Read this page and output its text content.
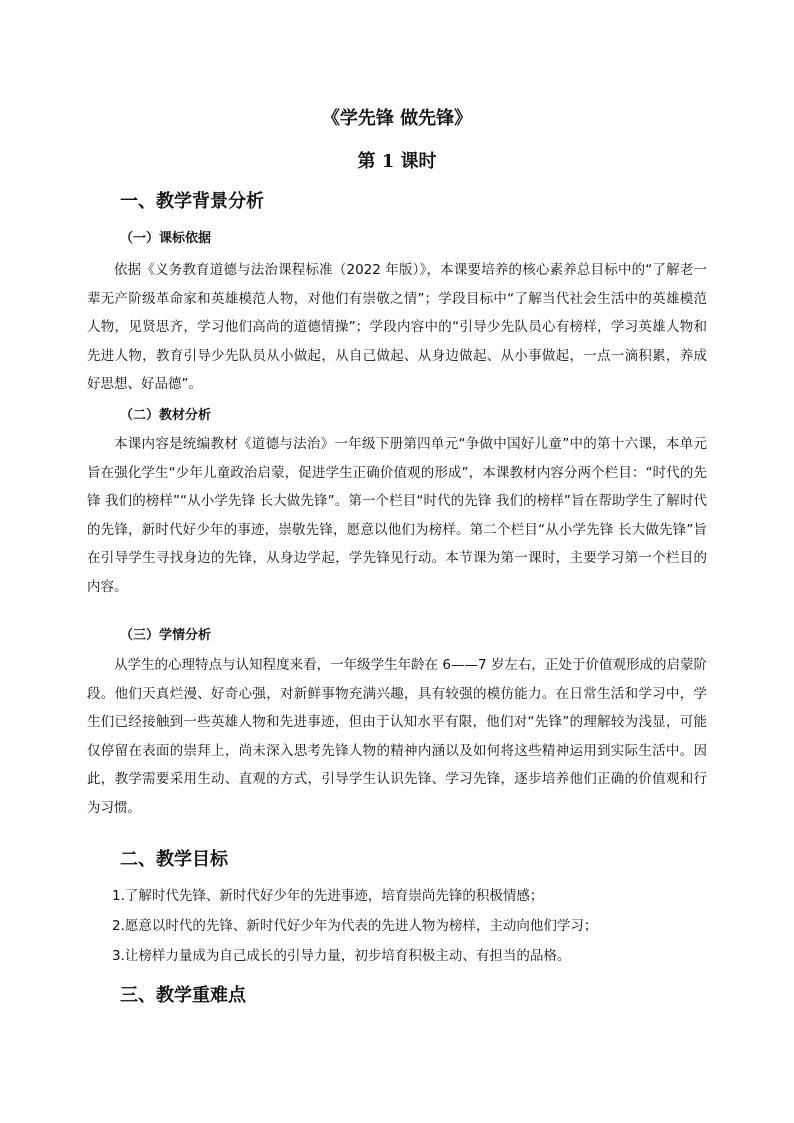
《学先锋 做先锋》
第 1 课时
一、教学背景分析
（一）课标依据
依据《义务教育道德与法治课程标准（2022 年版）》，本课要培养的核心素养总目标中的“了解老一辈无产阶级革命家和英雄模范人物，对他们有崇敬之情”；学段目标中“了解当代社会生活中的英雄模范人物，见贤思齐，学习他们高尚的道德情操”；学段内容中的“引导少先队员心有榜样，学习英雄人物和先进人物，教育引导少先队员从小做起，从自己做起、从身边做起、从小事做起，一点一滴积累，养成好思想、好品德”。
（二）教材分析
本课内容是统编教材《道德与法治》一年级下册第四单元“争做中国好儿童”中的第十六课，本单元旨在强化学生“少年儿童政治启蒙，促进学生正确价值观的形成”，本课教材内容分两个栏目：“时代的先锋 我们的榜样”“从小学先锋 长大做先锋”。第一个栏目“时代的先锋 我们的榜样”旨在帮助学生了解时代的先锋，新时代好少年的事迹，崇敬先锋，愿意以他们为榜样。第二个栏目“从小学先锋 长大做先锋”旨在引导学生寻找身边的先锋，从身边学起，学先锋见行动。本节课为第一课时，主要学习第一个栏目的内容。
（三）学情分析
从学生的心理特点与认知程度来看，一年级学生年龄在 6——7 岁左右，正处于价值观形成的启蒙阶段。他们天真烂漫、好奇心强，对新鲜事物充满兴趣，具有较强的模仿能力。在日常生活和学习中，学生们已经接触到一些英雄人物和先进事迹，但由于认知水平有限，他们对“先锋”的理解较为浅显，可能仅停留在表面的崇拜上，尚未深入思考先锋人物的精神内涵以及如何将这些精神运用到实际生活中。因此，教学需要采用生动、直观的方式，引导学生认识先锋、学习先锋，逐步培养他们正确的价值观和行为习惯。
二、教学目标
1.了解时代先锋、新时代好少年的先进事迹，培育崇尚先锋的积极情感；
2.愿意以时代的先锋、新时代好少年为代表的先进人物为榜样，主动向他们学习；
3.让榜样力量成为自己成长的引导力量，初步培育积极主动、有担当的品格。
三、教学重难点
